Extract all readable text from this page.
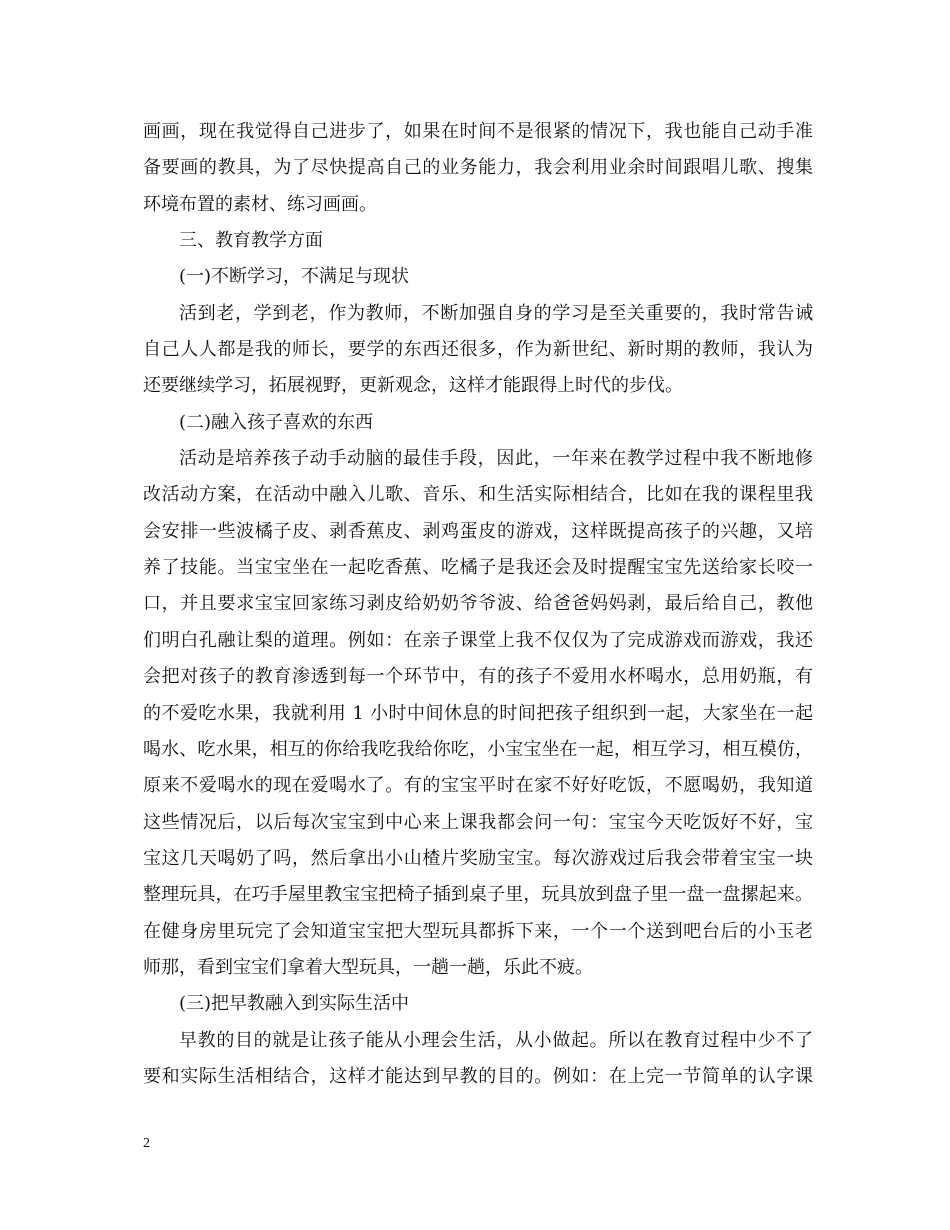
画画，现在我觉得自己进步了，如果在时间不是很紧的情况下，我也能自己动手准
备要画的教具，为了尽快提高自己的业务能力，我会利用业余时间跟唱儿歌、搜集
环境布置的素材、练习画画。
三、教育教学方面
(一)不断学习，不满足与现状
活到老，学到老，作为教师，不断加强自身的学习是至关重要的，我时常告诫
自己人人都是我的师长，要学的东西还很多，作为新世纪、新时期的教师，我认为
还要继续学习，拓展视野，更新观念，这样才能跟得上时代的步伐。
(二)融入孩子喜欢的东西
活动是培养孩子动手动脑的最佳手段，因此，一年来在教学过程中我不断地修
改活动方案，在活动中融入儿歌、音乐、和生活实际相结合，比如在我的课程里我
会安排一些波橘子皮、剥香蕉皮、剥鸡蛋皮的游戏，这样既提高孩子的兴趣，又培
养了技能。当宝宝坐在一起吃香蕉、吃橘子是我还会及时提醒宝宝先送给家长咬一
口，并且要求宝宝回家练习剥皮给奶奶爷爷波、给爸爸妈妈剥，最后给自己，教他
们明白孔融让梨的道理。例如：在亲子课堂上我不仅仅为了完成游戏而游戏，我还
会把对孩子的教育渗透到每一个环节中，有的孩子不爱用水杯喝水，总用奶瓶，有
的不爱吃水果，我就利用 1 小时中间休息的时间把孩子组织到一起，大家坐在一起
喝水、吃水果，相互的你给我吃我给你吃，小宝宝坐在一起，相互学习，相互模仿，
原来不爱喝水的现在爱喝水了。有的宝宝平时在家不好好吃饭，不愿喝奶，我知道
这些情况后，以后每次宝宝到中心来上课我都会问一句：宝宝今天吃饭好不好，宝
宝这几天喝奶了吗，然后拿出小山楂片奖励宝宝。每次游戏过后我会带着宝宝一块
整理玩具，在巧手屋里教宝宝把椅子插到桌子里，玩具放到盘子里一盘一盘摞起来。
在健身房里玩完了会知道宝宝把大型玩具都拆下来，一个一个送到吧台后的小玉老
师那，看到宝宝们拿着大型玩具，一趟一趟，乐此不疲。
(三)把早教融入到实际生活中
早教的目的就是让孩子能从小理会生活，从小做起。所以在教育过程中少不了
要和实际生活相结合，这样才能达到早教的目的。例如：在上完一节简单的认字课
2
